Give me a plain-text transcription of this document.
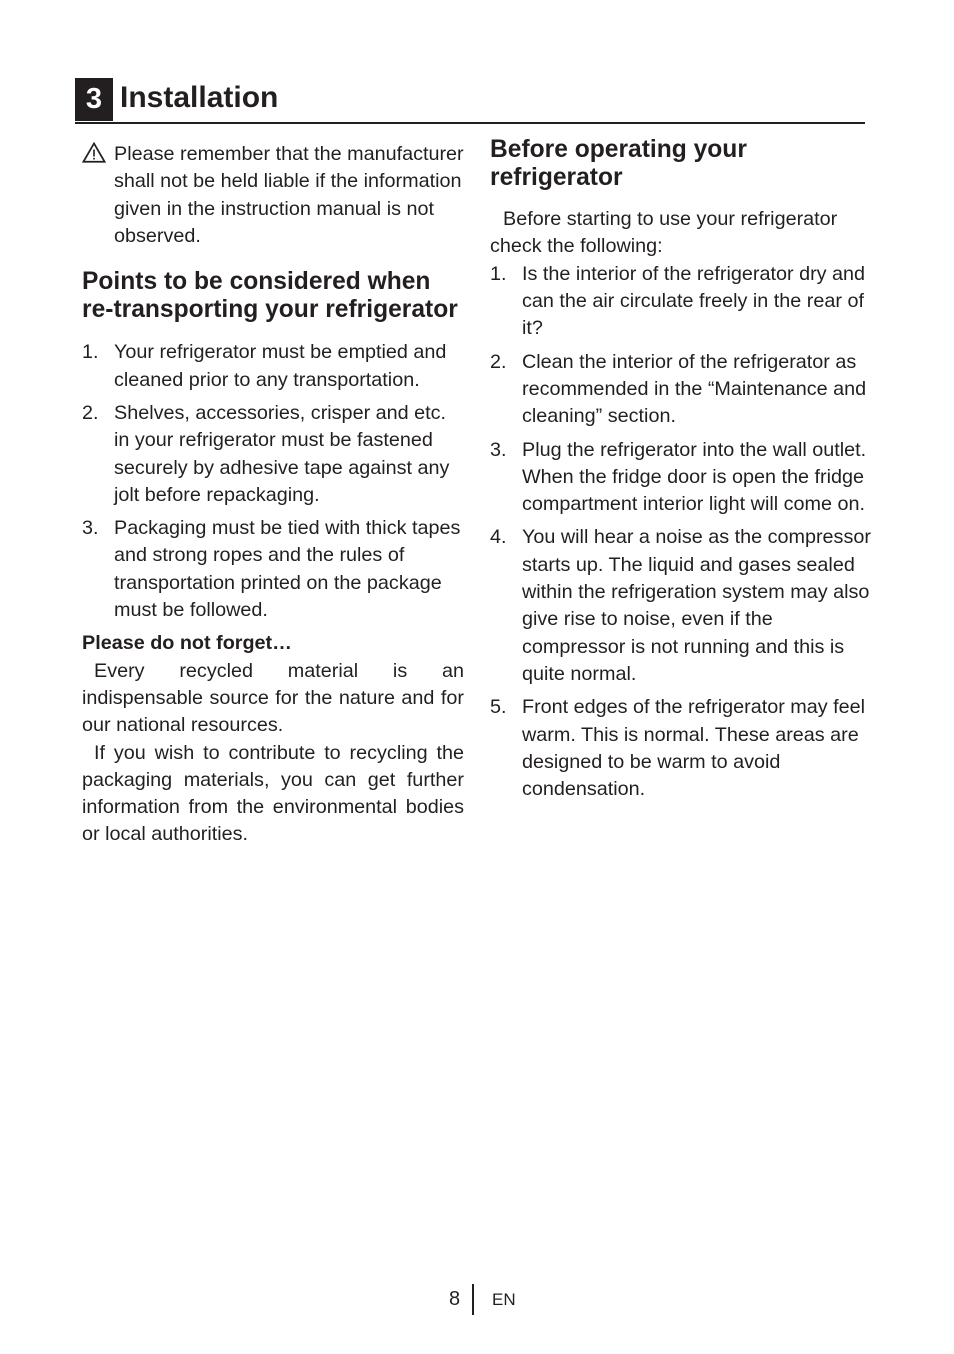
3 Installation
Please remember that the manufacturer shall not be held liable if the information given in the instruction manual is not observed.
Points to be considered when re-transporting your refrigerator
1. Your refrigerator must be emptied and cleaned prior to any transportation.
2. Shelves, accessories, crisper and etc. in your refrigerator must be fastened securely by adhesive tape against any jolt before repackaging.
3. Packaging must be tied with thick tapes and strong ropes and the rules of transportation printed on the package must be followed.
Please do not forget…

Every recycled material is an indispensable source for the nature and for our national resources.

If you wish to contribute to recycling the packaging materials, you can get further information from the environmental bodies or local authorities.

Before operating your refrigerator

Before starting to use your refrigerator check the following:

1. Is the interior of the refrigerator dry and can the air circulate freely in the rear of it?
2. Clean the interior of the refrigerator as recommended in the “Maintenance and cleaning” section.
3. Plug the refrigerator into the wall outlet. When the fridge door is open the fridge compartment interior light will come on.
4. You will hear a noise as the compressor starts up. The liquid and gases sealed within the refrigeration system may also give rise to noise, even if the compressor is not running and this is quite normal.
5. Front edges of the refrigerator may feel warm. This is normal. These areas are designed to be warm to avoid condensation.
8 EN
